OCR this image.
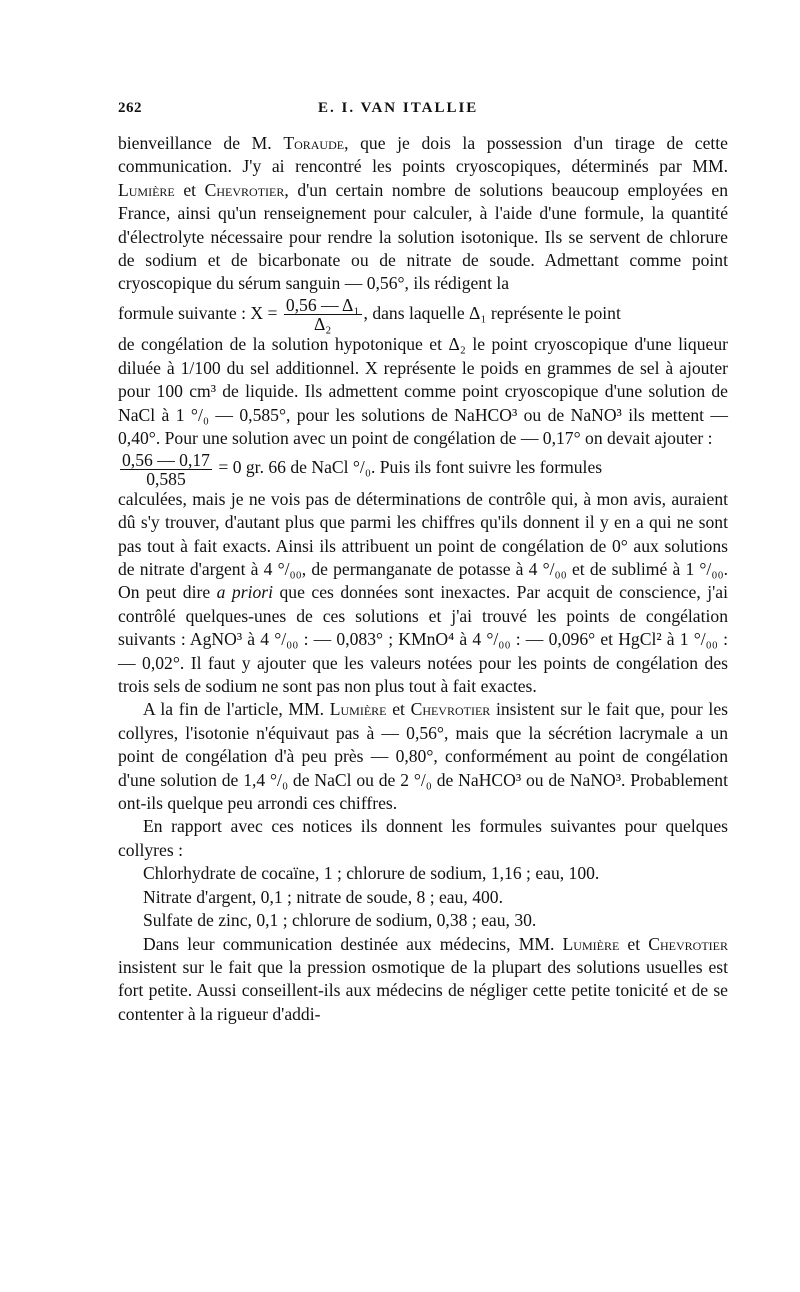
262	E. I. VAN ITALLIE

bienveillance de M. Toraude, que je dois la possession d'un tirage de cette communication. J'y ai rencontré les points cryoscopiques, déterminés par MM. Lumière et Chevrotier, d'un certain nombre de solutions beaucoup employées en France, ainsi qu'un renseignement pour calculer, à l'aide d'une formule, la quantité d'électrolyte nécessaire pour rendre la solution isotonique. Ils se servent de chlorure de sodium et de bicarbonate ou de nitrate de soude. Admettant comme point cryoscopique du sérum sanguin — 0,56°, ils rédigent la

formule suivante : $X = \frac{\text{0,56 — Δ₁}}{\text{Δ₂}}$ , dans laquelle Δ₁ représente le point

de congélation de la solution hypotonique et Δ₂ le point cryoscopique d'une liqueur diluée à 1/100 du sel additionnel. X représente le poids en grammes de sel à ajouter pour 100 cm³ de liquide. Ils admettent comme point cryoscopique d'une solution de NaCl à 1 °/₀ — 0,585°, pour les solutions de NaHCO³ ou de NaNO³ ils mettent — 0,40°. Pour une solution avec un point de congélation de — 0,17° on devait ajouter :

$\frac{0,56 — 0,17}{0,585} = 0$ gr. 66 de NaCl °/₀. Puis ils font suivre les formules

calculées, mais je ne vois pas de déterminations de contrôle qui, à mon avis, auraient dû s'y trouver, d'autant plus que parmi les chiffres qu'ils donnent il y en a qui ne sont pas tout à fait exacts. Ainsi ils attribuent un point de congélation de 0° aux solutions de nitrate d'argent à 4 °/₀₀, de permanganate de potasse à 4 °/₀₀ et de sublimé à 1 °/₀₀. On peut dire a priori que ces données sont inexactes. Par acquit de conscience, j'ai contrôlé quelques-unes de ces solutions et j'ai trouvé les points de congélation suivants : AgNO³ à 4 °/₀₀ : — 0,083° ; KMnO⁴ à 4 °/₀₀ : — 0,096° et HgCl² à 1 °/₀₀ : — 0,02°. Il faut y ajouter que les valeurs notées pour les points de congélation des trois sels de sodium ne sont pas non plus tout à fait exactes.

A la fin de l'article, MM. Lumière et Chevrotier insistent sur le fait que, pour les collyres, l'isotonie n'équivaut pas à — 0,56°, mais que la sécrétion lacrymale a un point de congélation d'à peu près — 0,80°, conformément au point de congélation d'une solution de 1,4 °/₀ de NaCl ou de 2 °/₀ de NaHCO³ ou de NaNO³. Probablement ont-ils quelque peu arrondi ces chiffres.

En rapport avec ces notices ils donnent les formules suivantes pour quelques collyres :

Chlorhydrate de cocaïne, 1 ; chlorure de sodium, 1,16 ; eau, 100.

Nitrate d'argent, 0,1 ; nitrate de soude, 8 ; eau, 400.

Sulfate de zinc, 0,1 ; chlorure de sodium, 0,38 ; eau, 30.

Dans leur communication destinée aux médecins, MM. Lumière et Chevrotier insistent sur le fait que la pression osmotique de la plupart des solutions usuelles est fort petite. Aussi conseillent-ils aux médecins de négliger cette petite tonicité et de se contenter à la rigueur d'addi-
